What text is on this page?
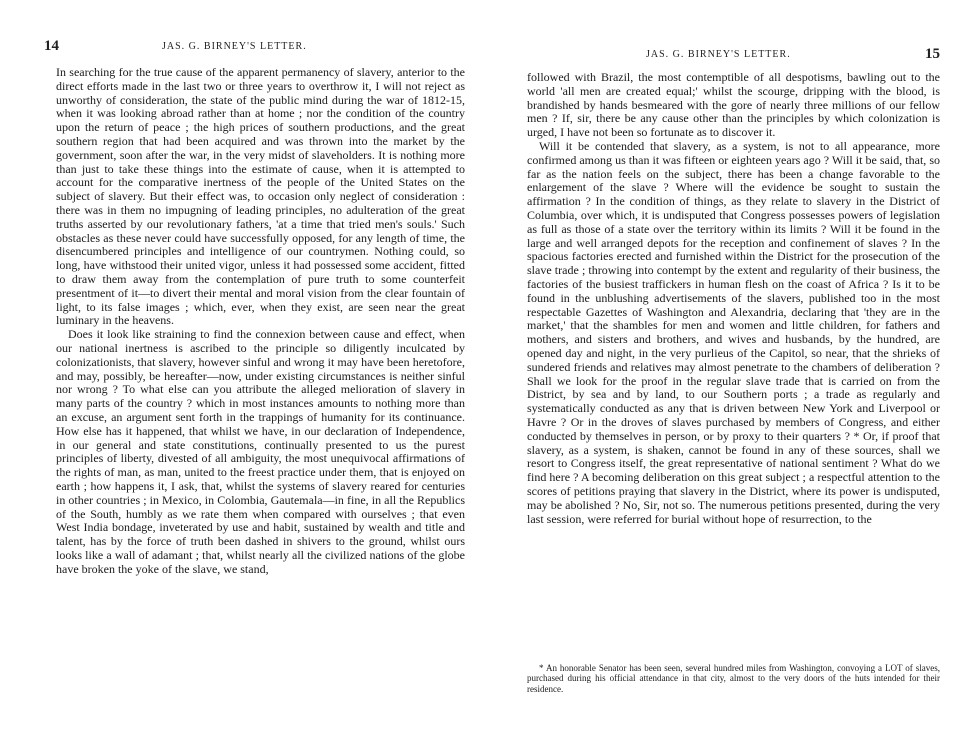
14	JAS. G. BIRNEY'S LETTER.

In searching for the true cause of the apparent permanency of slavery, anterior to the direct efforts made in the last two or three years to overthrow it, I will not reject as unworthy of consideration, the state of the public mind during the war of 1812-15, when it was looking abroad rather than at home ; nor the condition of the country upon the return of peace ; the high prices of southern productions, and the great southern region that had been acquired and was thrown into the market by the government, soon after the war, in the very midst of slaveholders. It is nothing more than just to take these things into the estimate of cause, when it is attempted to account for the comparative inertness of the people of the United States on the subject of slavery. But their effect was, to occasion only neglect of consideration : there was in them no impugning of leading principles, no adulteration of the great truths asserted by our revolutionary fathers, 'at a time that tried men's souls.' Such obstacles as these never could have successfully opposed, for any length of time, the disencumbered principles and intelligence of our countrymen. Nothing could, so long, have withstood their united vigor, unless it had possessed some accident, fitted to draw them away from the contemplation of pure truth to some counterfeit presentment of it—to divert their mental and moral vision from the clear fountain of light, to its false images ; which, ever, when they exist, are seen near the great luminary in the heavens.

Does it look like straining to find the connexion between cause and effect, when our national inertness is ascribed to the principle so diligently inculcated by colonizationists, that slavery, however sinful and wrong it may have been heretofore, and may, possibly, be hereafter—now, under existing circumstances is neither sinful nor wrong ? To what else can you attribute the alleged melioration of slavery in many parts of the country ? which in most instances amounts to nothing more than an excuse, an argument sent forth in the trappings of humanity for its continuance. How else has it happened, that whilst we have, in our declaration of Independence, in our general and state constitutions, continually presented to us the purest principles of liberty, divested of all ambiguity, the most unequivocal affirmations of the rights of man, as man, united to the freest practice under them, that is enjoyed on earth ; how happens it, I ask, that, whilst the systems of slavery reared for centuries in other countries ; in Mexico, in Colombia, Gautemala—in fine, in all the Republics of the South, humbly as we rate them when compared with ourselves ; that even West India bondage, inveterated by use and habit, sustained by wealth and title and talent, has by the force of truth been dashed in shivers to the ground, whilst ours looks like a wall of adamant ; that, whilst nearly all the civilized nations of the globe have broken the yoke of the slave, we stand,

JAS. G. BIRNEY'S LETTER.	15

followed with Brazil, the most contemptible of all despotisms, bawling out to the world 'all men are created equal;' whilst the scourge, dripping with the blood, is brandished by hands besmeared with the gore of nearly three millions of our fellow men ? If, sir, there be any cause other than the principles by which colonization is urged, I have not been so fortunate as to discover it.

Will it be contended that slavery, as a system, is not to all appearance, more confirmed among us than it was fifteen or eighteen years ago ? Will it be said, that, so far as the nation feels on the subject, there has been a change favorable to the enlargement of the slave ? Where will the evidence be sought to sustain the affirmation ? In the condition of things, as they relate to slavery in the District of Columbia, over which, it is undisputed that Congress possesses powers of legislation as full as those of a state over the territory within its limits ? Will it be found in the large and well arranged depots for the reception and confinement of slaves ? In the spacious factories erected and furnished within the District for the prosecution of the slave trade ; throwing into contempt by the extent and regularity of their business, the factories of the busiest traffickers in human flesh on the coast of Africa ? Is it to be found in the unblushing advertisements of the slavers, published too in the most respectable Gazettes of Washington and Alexandria, declaring that 'they are in the market,' that the shambles for men and women and little children, for fathers and mothers, and sisters and brothers, and wives and husbands, by the hundred, are opened day and night, in the very purlieus of the Capitol, so near, that the shrieks of sundered friends and relatives may almost penetrate to the chambers of deliberation ? Shall we look for the proof in the regular slave trade that is carried on from the District, by sea and by land, to our Southern ports ; a trade as regularly and systematically conducted as any that is driven between New York and Liverpool or Havre ? Or in the droves of slaves purchased by members of Congress, and either conducted by themselves in person, or by proxy to their quarters ? * Or, if proof that slavery, as a system, is shaken, cannot be found in any of these sources, shall we resort to Congress itself, the great representative of national sentiment ? What do we find here ? A becoming deliberation on this great subject ; a respectful attention to the scores of petitions praying that slavery in the District, where its power is undisputed, may be abolished ? No, Sir, not so. The numerous petitions presented, during the very last session, were referred for burial without hope of resurrection, to the

* An honorable Senator has been seen, several hundred miles from Washington, convoying a LOT of slaves, purchased during his official attendance in that city, almost to the very doors of the huts intended for their residence.
